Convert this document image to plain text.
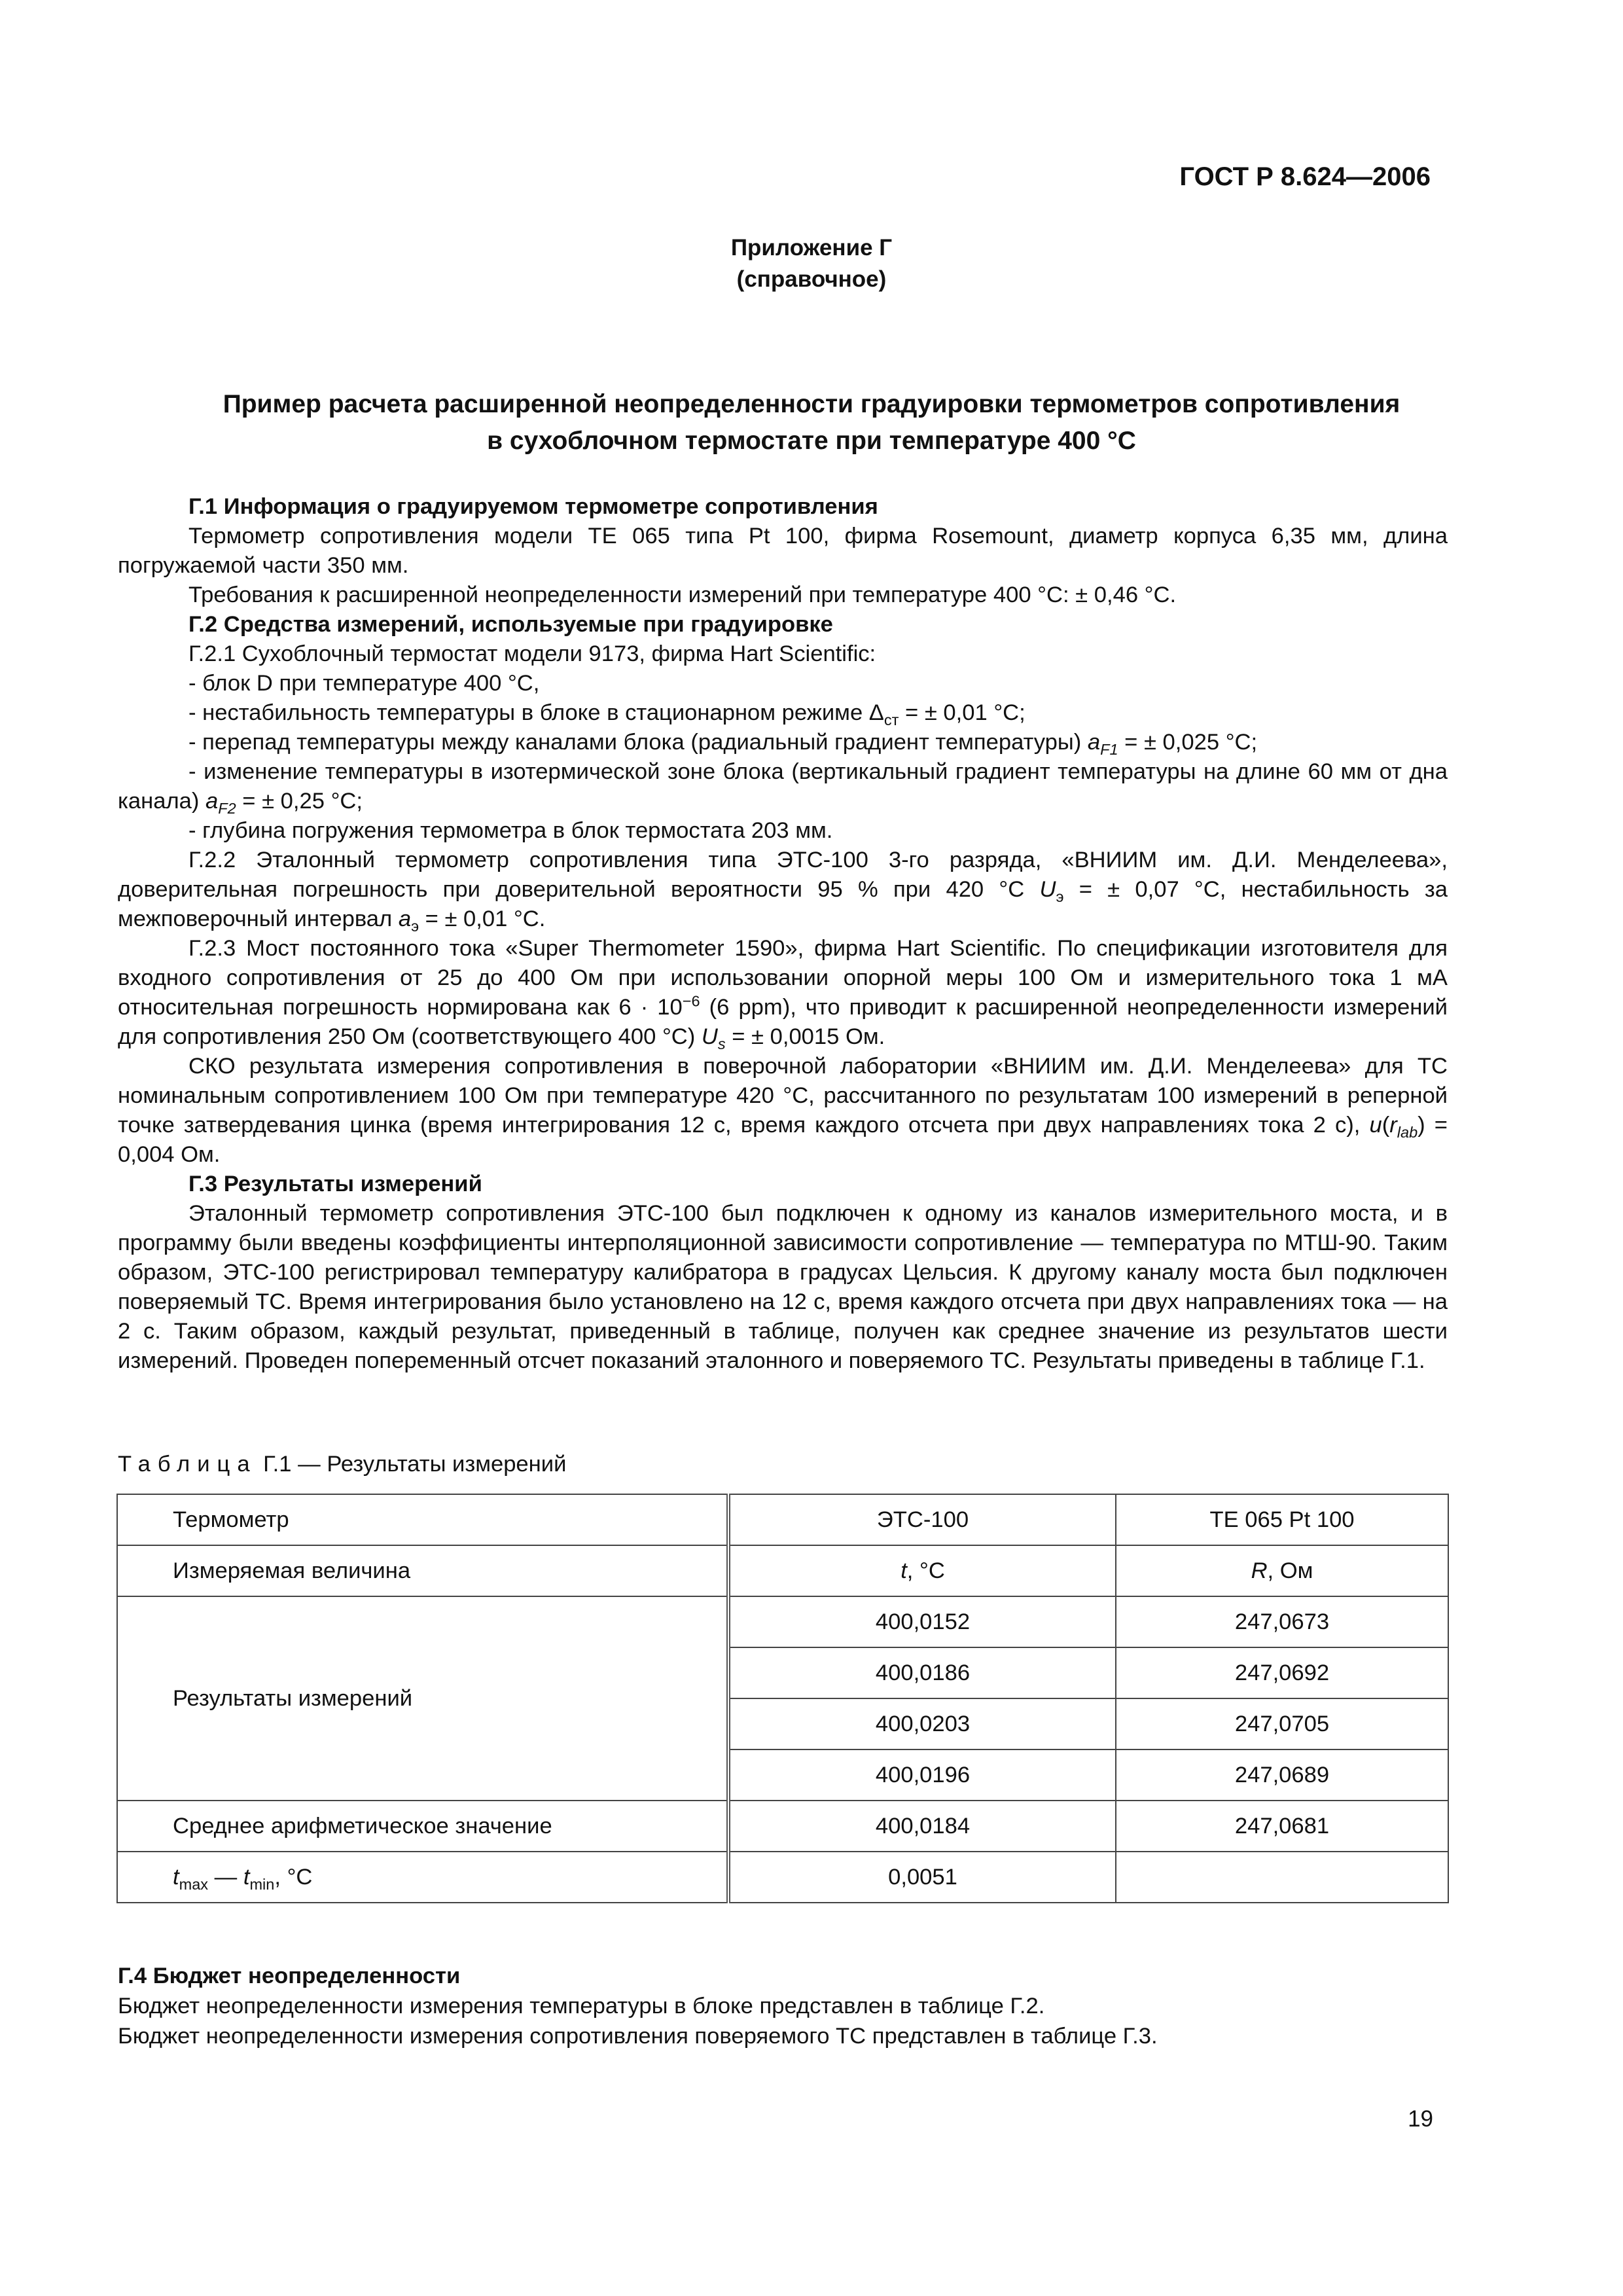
ГОСТ Р 8.624—2006
Приложение Г
(справочное)
Пример расчета расширенной неопределенности градуировки термометров сопротивления
в сухоблочном термостате при температуре 400 °С

Г.1 Информация о градуируемом термометре сопротивления

Термометр сопротивления модели ТЕ 065 типа Pt 100, фирма Rosemount, диаметр корпуса 6,35 мм, длина погружаемой части 350 мм.

Требования к расширенной неопределенности измерений при температуре 400 °С: ± 0,46 °С.

Г.2 Средства измерений, используемые при градуировке

Г.2.1 Сухоблочный термостат модели 9173, фирма Hart Scientific:

- блок D при температуре 400 °С,

- нестабильность температуры в блоке в стационарном режиме $\Delta_{ст}$ = ± 0,01 °С;

- перепад температуры между каналами блока (радиальный градиент температуры) $a_{F1}$ = ± 0,025 °С;

- изменение температуры в изотермической зоне блока (вертикальный градиент температуры на длине 60 мм от дна канала) $a_{F2}$ = ± 0,25 °С;

- глубина погружения термометра в блок термостата 203 мм.

Г.2.2 Эталонный термометр сопротивления типа ЭТС-100 3-го разряда, «ВНИИМ им. Д.И. Менделеева», доверительная погрешность при доверительной вероятности 95 % при 420 °С $U_э$ = ± 0,07 °С, нестабильность за межповерочный интервал $a_э$ = ± 0,01 °С.

Г.2.3 Мост постоянного тока «Super Thermometer 1590», фирма Hart Scientific. По спецификации изготовителя для входного сопротивления от 25 до 400 Ом при использовании опорной меры 100 Ом и измерительного тока 1 мА относительная погрешность нормирована как $6 \cdot 10^{-6}$ (6 ppm), что приводит к расширенной неопределенности измерений для сопротивления 250 Ом (соответствующего 400 °С) $U_s$ = ± 0,0015 Ом.

СКО результата измерения сопротивления в поверочной лаборатории «ВНИИМ им. Д.И. Менделеева» для ТС номинальным сопротивлением 100 Ом при температуре 420 °С, рассчитанного по результатам 100 измерений в реперной точке затвердевания цинка (время интегрирования 12 с, время каждого отсчета при двух направлениях тока 2 с), $u(r_{lab}) = 0,004$ Ом.

Г.3 Результаты измерений

Эталонный термометр сопротивления ЭТС-100 был подключен к одному из каналов измерительного моста, и в программу были введены коэффициенты интерполяционной зависимости сопротивление — температура по МТШ-90. Таким образом, ЭТС-100 регистрировал температуру калибратора в градусах Цельсия. К другому каналу моста был подключен поверяемый ТС. Время интегрирования было установлено на 12 с, время каждого отсчета при двух направлениях тока — на 2 с. Таким образом, каждый результат, приведенный в таблице, получен как среднее значение из результатов шести измерений. Проведен попеременный отсчет показаний эталонного и поверяемого ТС. Результаты приведены в таблице Г.1.

Таблица Г.1 — Результаты измерений
Термометр	ЭТС-100	ТЕ 065 Pt 100
Измеряемая величина	t, °С	R, Ом
Результаты измерений	400,0152	247,0673
	400,0186	247,0692
	400,0203	247,0705
	400,0196	247,0689
Среднее арифметическое значение	400,0184	247,0681
$t_{max}$ — $t_{min}$, °С	0,0051	

Г.4 Бюджет неопределенности

Бюджет неопределенности измерения температуры в блоке представлен в таблице Г.2.

Бюджет неопределенности измерения сопротивления поверяемого ТС представлен в таблице Г.3.

19
